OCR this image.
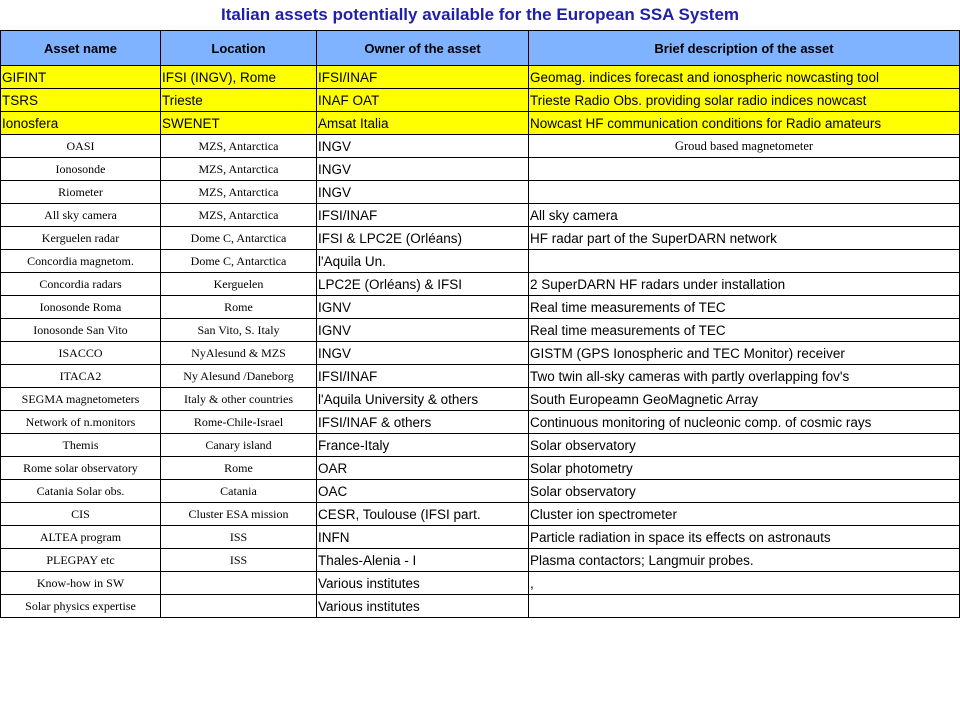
Italian assets potentially available for the European SSA System
Asset name	Location	Owner of the asset	Brief description of the asset
GIFINT	IFSI (INGV), Rome	IFSI/INAF	Geomag. indices forecast and ionospheric nowcasting tool
TSRS	Trieste	INAF OAT	Trieste Radio Obs. providing solar radio indices nowcast
Ionosfera	SWENET	Amsat Italia	Nowcast HF communication conditions for Radio amateurs
OASI	MZS, Antarctica	INGV	Groud based magnetometer
Ionosonde	MZS, Antarctica	INGV	
Riometer	MZS, Antarctica	INGV	
All sky camera	MZS, Antarctica	IFSI/INAF	All sky camera
Kerguelen radar	Dome C, Antarctica	IFSI & LPC2E (Orléans)	HF radar part of the SuperDARN network
Concordia magnetom.	Dome C, Antarctica	l'Aquila Un.	
Concordia radars	Kerguelen	LPC2E (Orléans) & IFSI	2 SuperDARN HF radars under installation
Ionosonde Roma	Rome	IGNV	Real time measurements of TEC
Ionosonde San Vito	San Vito, S. Italy	IGNV	Real time measurements of TEC
ISACCO	NyAlesund & MZS	INGV	GISTM (GPS Ionospheric and TEC Monitor) receiver
ITACA2	Ny Alesund /Daneborg	IFSI/INAF	Two twin all-sky cameras with partly overlapping fov's
SEGMA magnetometers	Italy & other countries	l'Aquila University & others	South Europeamn GeoMagnetic Array
Network of n.monitors	Rome-Chile-Israel	IFSI/INAF & others	Continuous monitoring of nucleonic comp. of cosmic rays
Themis	Canary island	France-Italy	Solar observatory
Rome solar observatory	Rome	OAR	Solar photometry
Catania Solar obs.	Catania	OAC	Solar observatory
CIS	Cluster ESA mission	CESR, Toulouse (IFSI part.	Cluster ion spectrometer
ALTEA program	ISS	INFN	Particle radiation in space its effects on astronauts
PLEGPAY etc	ISS	Thales-Alenia - I	Plasma contactors; Langmuir probes.
Know-how in SW		Various institutes	,
Solar physics expertise		Various institutes	
